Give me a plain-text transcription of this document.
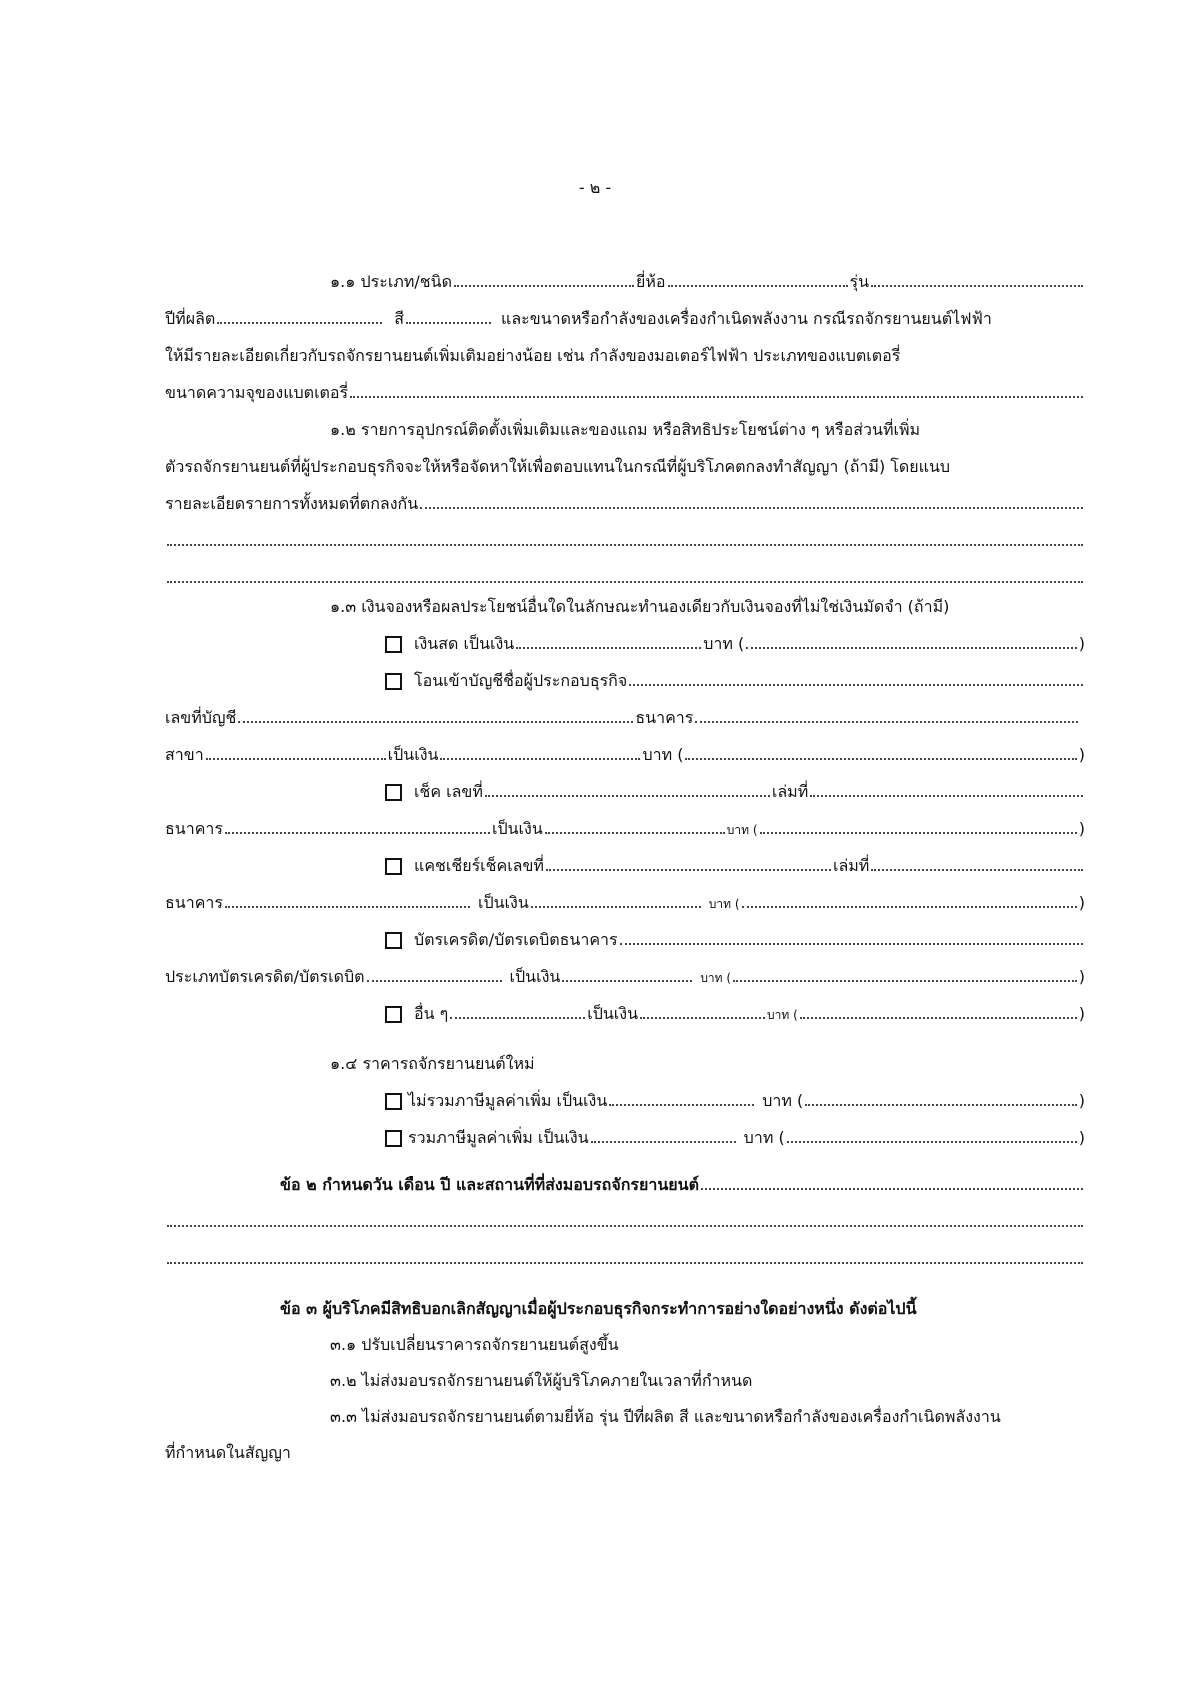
- ๒ -
๑.๑ ประเภท/ชนิด	ยี่ห้อ	รุ่น
ปีที่ผลิต	สี	และขนาดหรือกำลังของเครื่องกำเนิดพลังงาน กรณีรถจักรยานยนต์ไฟฟ้า
ให้มีรายละเอียดเกี่ยวกับรถจักรยานยนต์เพิ่มเติมอย่างน้อย เช่น กำลังของมอเตอร์ไฟฟ้า ประเภทของแบตเตอรี่
ขนาดความจุของแบตเตอรี่
๑.๒ รายการอุปกรณ์ติดตั้งเพิ่มเติมและของแถม หรือสิทธิประโยชน์ต่าง ๆ หรือส่วนที่เพิ่ม
ตัวรถจักรยานยนต์ที่ผู้ประกอบธุรกิจจะให้หรือจัดหาให้เพื่อตอบแทนในกรณีที่ผู้บริโภคตกลงทำสัญญา (ถ้ามี) โดยแนบ
รายละเอียดรายการทั้งหมดที่ตกลงกัน
๑.๓ เงินจองหรือผลประโยชน์อื่นใดในลักษณะทำนองเดียวกับเงินจองที่ไม่ใช่เงินมัดจำ (ถ้ามี)
เงินสด เป็นเงิน	บาท (	)
โอนเข้าบัญชีชื่อผู้ประกอบธุรกิจ
เลขที่บัญชี	ธนาคาร
สาขา	เป็นเงิน	บาท (	)
เช็ค เลขที่	เล่มที่
ธนาคาร	เป็นเงิน	บาท (	)
แคชเชียร์เช็คเลขที่	เล่มที่
ธนาคาร	เป็นเงิน	บาท (	)
บัตรเครดิต/บัตรเดบิตธนาคาร
ประเภทบัตรเครดิต/บัตรเดบิต	เป็นเงิน	บาท (	)
อื่น ๆ	เป็นเงิน	บาท (	)
๑.๔ ราคารถจักรยานยนต์ใหม่
ไม่รวมภาษีมูลค่าเพิ่ม เป็นเงิน	บาท (	)
รวมภาษีมูลค่าเพิ่ม เป็นเงิน	บาท (	)
ข้อ ๒ กำหนดวัน เดือน ปี และสถานที่ที่ส่งมอบรถจักรยานยนต์
ข้อ ๓ ผู้บริโภคมีสิทธิบอกเลิกสัญญาเมื่อผู้ประกอบธุรกิจกระทำการอย่างใดอย่างหนึ่ง ดังต่อไปนี้
๓.๑ ปรับเปลี่ยนราคารถจักรยานยนต์สูงขึ้น
๓.๒ ไม่ส่งมอบรถจักรยานยนต์ให้ผู้บริโภคภายในเวลาที่กำหนด
๓.๓ ไม่ส่งมอบรถจักรยานยนต์ตามยี่ห้อ รุ่น ปีที่ผลิต สี และขนาดหรือกำลังของเครื่องกำเนิดพลังงาน
ที่กำหนดในสัญญา
